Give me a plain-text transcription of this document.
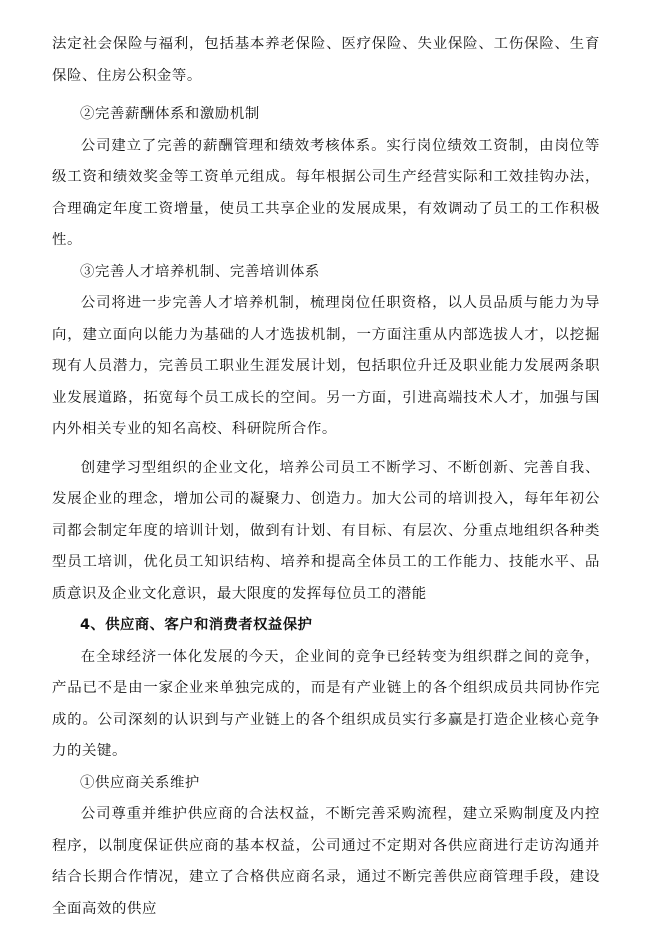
法定社会保险与福利，包括基本养老保险、医疗保险、失业保险、工伤保险、生育保险、住房公积金等。

②完善薪酬体系和激励机制

公司建立了完善的薪酬管理和绩效考核体系。实行岗位绩效工资制，由岗位等级工资和绩效奖金等工资单元组成。每年根据公司生产经营实际和工效挂钩办法，合理确定年度工资增量，使员工共享企业的发展成果，有效调动了员工的工作积极性。

③完善人才培养机制、完善培训体系

公司将进一步完善人才培养机制，梳理岗位任职资格，以人员品质与能力为导向，建立面向以能力为基础的人才选拔机制，一方面注重从内部选拔人才，以挖掘现有人员潜力，完善员工职业生涯发展计划，包括职位升迁及职业能力发展两条职业发展道路，拓宽每个员工成长的空间。另一方面，引进高端技术人才，加强与国内外相关专业的知名高校、科研院所合作。

创建学习型组织的企业文化，培养公司员工不断学习、不断创新、完善自我、发展企业的理念，增加公司的凝聚力、创造力。加大公司的培训投入，每年年初公司都会制定年度的培训计划，做到有计划、有目标、有层次、分重点地组织各种类型员工培训，优化员工知识结构、培养和提高全体员工的工作能力、技能水平、品质意识及企业文化意识，最大限度的发挥每位员工的潜能

4、供应商、客户和消费者权益保护

在全球经济一体化发展的今天，企业间的竞争已经转变为组织群之间的竞争，产品已不是由一家企业来单独完成的，而是有产业链上的各个组织成员共同协作完成的。公司深刻的认识到与产业链上的各个组织成员实行多赢是打造企业核心竞争力的关键。

①供应商关系维护

公司尊重并维护供应商的合法权益，不断完善采购流程，建立采购制度及内控程序，以制度保证供应商的基本权益，公司通过不定期对各供应商进行走访沟通并结合长期合作情况，建立了合格供应商名录，通过不断完善供应商管理手段，建设全面高效的供应
